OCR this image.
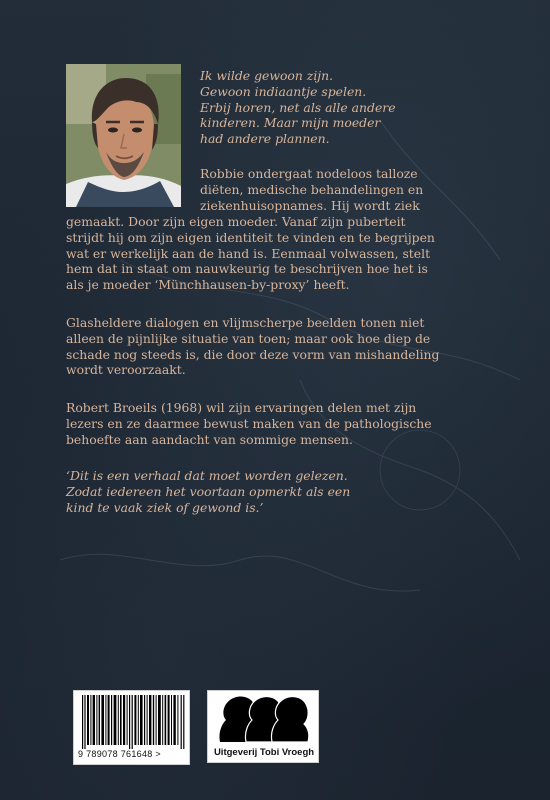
Ik wilde gewoon zijn.
Gewoon indiaantje spelen.
Erbij horen, net als alle andere
kinderen. Maar mijn moeder
had andere plannen.
Robbie ondergaat nodeloos talloze
diëten, medische behandelingen en
ziekenhuisopnames. Hij wordt ziek
gemaakt. Door zijn eigen moeder. Vanaf zijn puberteit
strijdt hij om zijn eigen identiteit te vinden en te begrijpen
wat er werkelijk aan de hand is. Eenmaal volwassen, stelt
hem dat in staat om nauwkeurig te beschrijven hoe het is
als je moeder ‘Münchhausen-by-proxy’ heeft.
Glasheldere dialogen en vlijmscherpe beelden tonen niet
alleen de pijnlijke situatie van toen; maar ook hoe diep de
schade nog steeds is, die door deze vorm van mishandeling
wordt veroorzaakt.
Robert Broeils (1968) wil zijn ervaringen delen met zijn
lezers en ze daarmee bewust maken van de pathologische
behoefte aan aandacht van sommige mensen.
‘Dit is een verhaal dat moet worden gelezen.
Zodat iedereen het voortaan opmerkt als een
kind te vaak ziek of gewond is.’
9 789078 761648 >	Uitgeverij Tobi Vroegh
